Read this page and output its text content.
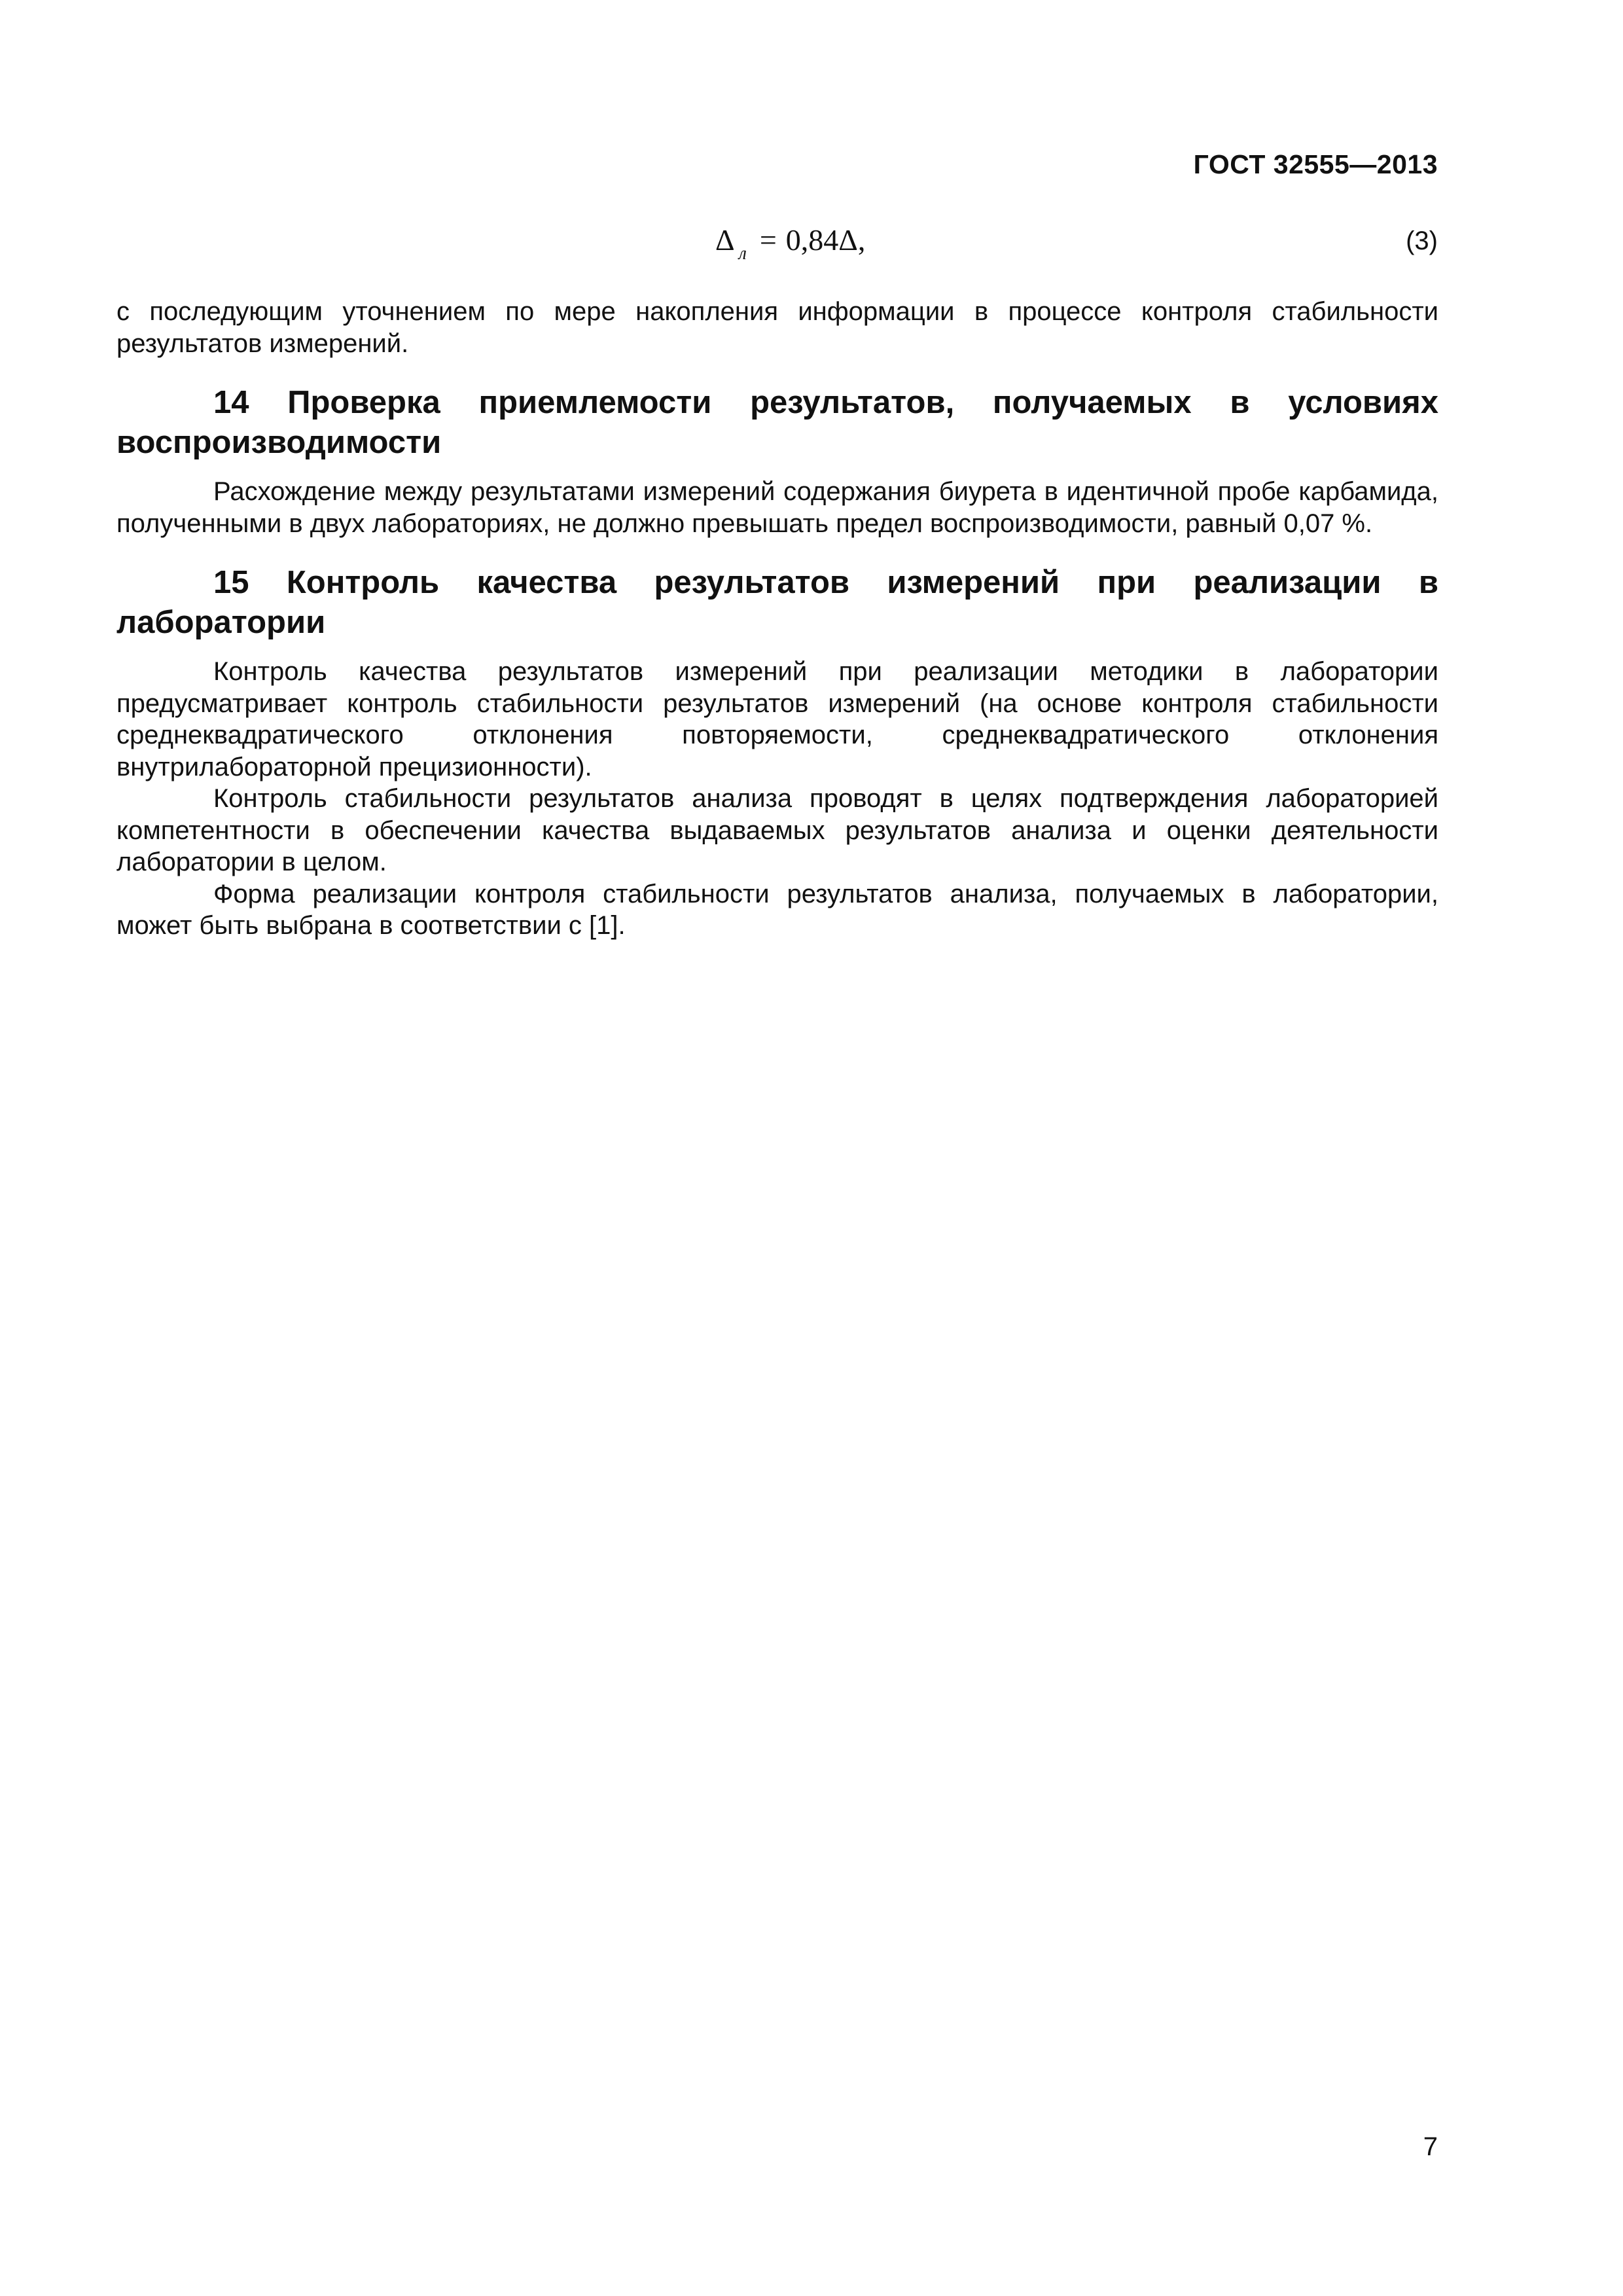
ГОСТ 32555—2013
Δ $_л$ = 0,84Δ,	(3)

с последующим уточнением по мере накопления информации в процессе контроля стабильности результатов измерений.

14 Проверка приемлемости результатов, получаемых в условиях воспроизводимости

Расхождение между результатами измерений содержания биурета в идентичной пробе карбамида, полученными в двух лабораториях, не должно превышать предел воспроизводимости, равный 0,07 %.

15 Контроль качества результатов измерений при реализации в лаборатории

Контроль качества результатов измерений при реализации методики в лаборатории предусматривает контроль стабильности результатов измерений (на основе контроля стабильности среднеквадратического отклонения повторяемости, среднеквадратического отклонения внутрилабораторной прецизионности).

Контроль стабильности результатов анализа проводят в целях подтверждения лабораторией компетентности в обеспечении качества выдаваемых результатов анализа и оценки деятельности лаборатории в целом.

Форма реализации контроля стабильности результатов анализа, получаемых в лаборатории, может быть выбрана в соответствии с [1].

7
